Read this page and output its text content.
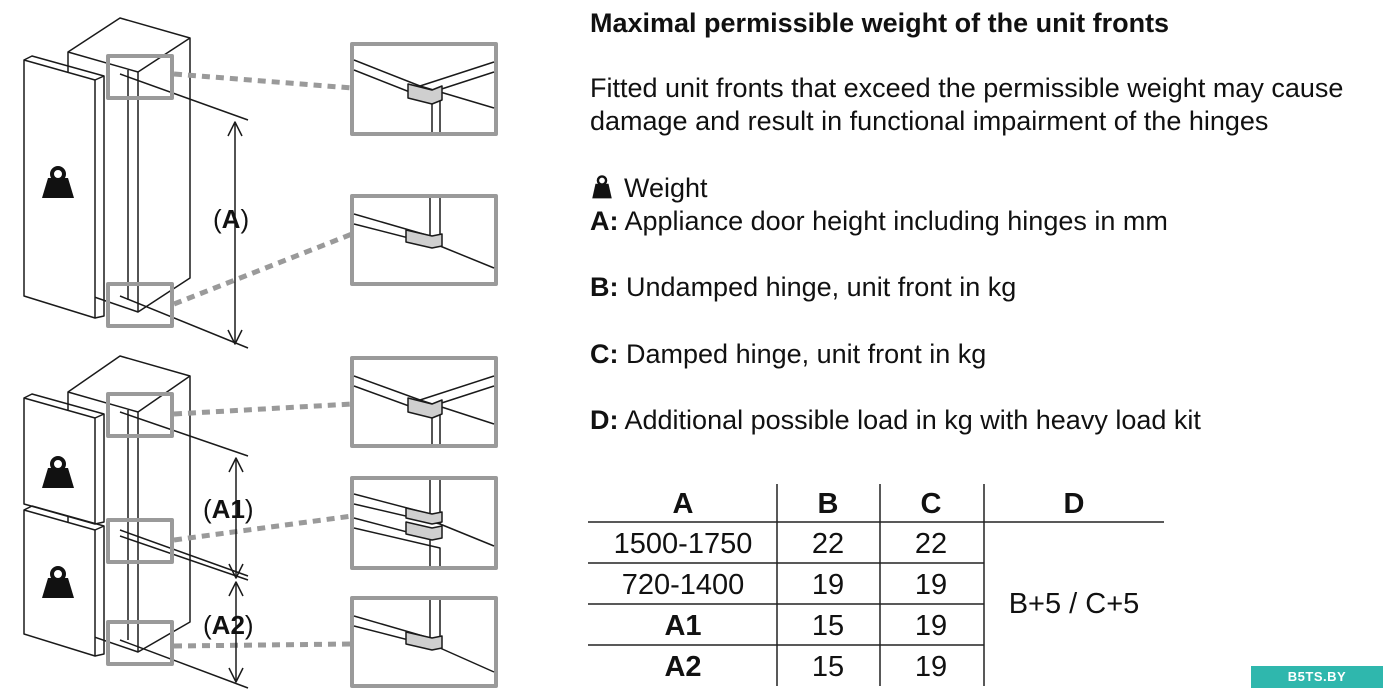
(A)
(A1)
(A2)
Maximal permissible weight of the unit fronts

Fitted unit fronts that exceed the permissible weight may cause damage and result in functional impairment of the hinges

Weight

A: Appliance door height including hinges in mm

B: Undamped hinge, unit front in kg

C: Damped hinge, unit front in kg

D: Additional possible load in kg with heavy load kit

A	B	C	D
1500-1750 22 22
720-1400 19 19
A1	15 19
A2	15 19
B+5 / C+5
B5TS.BY
